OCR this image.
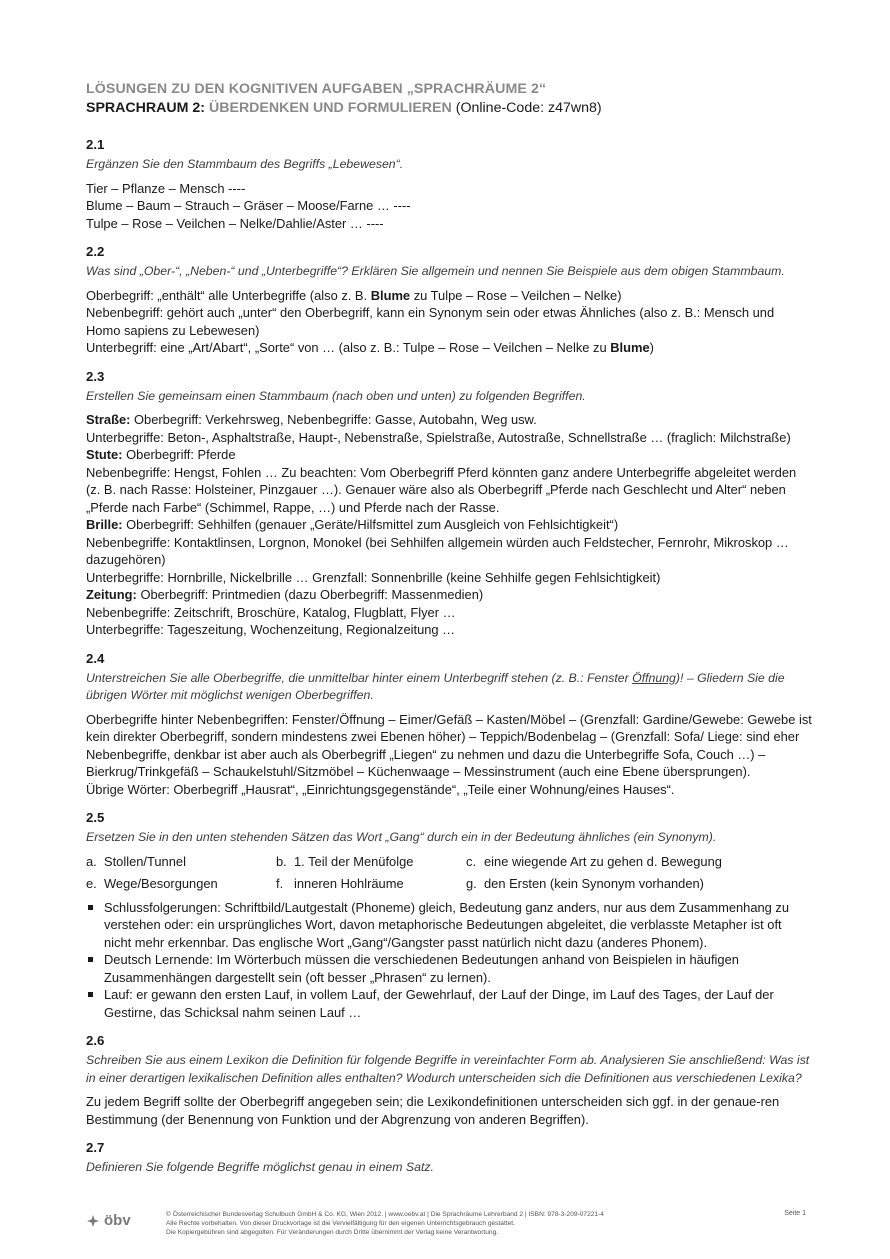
LÖSUNGEN ZU DEN KOGNITIVEN AUFGABEN „SPRACHRÄUME 2“

SPRACHRAUM 2: ÜBERDENKEN UND FORMULIEREN (Online-Code: z47wn8)

2.1

Ergänzen Sie den Stammbaum des Begriffs „Lebewesen“.

Tier – Pflanze – Mensch ----

Blume – Baum – Strauch – Gräser – Moose/Farne … ----

Tulpe – Rose – Veilchen – Nelke/Dahlie/Aster … ----

2.2

Was sind „Ober-“, „Neben-“ und „Unterbegriffe“? Erklären Sie allgemein und nennen Sie Beispiele aus dem obigen Stammbaum.

Oberbegriff: „enthält“ alle Unterbegriffe (also z. B. Blume zu Tulpe – Rose – Veilchen – Nelke)

Nebenbegriff: gehört auch „unter“ den Oberbegriff, kann ein Synonym sein oder etwas Ähnliches (also z. B.: Mensch und Homo sapiens zu Lebewesen)

Unterbegriff: eine „Art/Abart“, „Sorte“ von … (also z. B.: Tulpe – Rose – Veilchen – Nelke zu Blume)

2.3

Erstellen Sie gemeinsam einen Stammbaum (nach oben und unten) zu folgenden Begriffen.

Straße: Oberbegriff: Verkehrsweg, Nebenbegriffe: Gasse, Autobahn, Weg usw.

Unterbegriffe: Beton-, Asphaltstraße, Haupt-, Nebenstraße, Spielstraße, Autostraße, Schnellstraße … (fraglich: Milchstraße)

Stute: Oberbegriff: Pferde

Nebenbegriffe: Hengst, Fohlen … Zu beachten: Vom Oberbegriff Pferd könnten ganz andere Unterbegriffe abgeleitet werden (z. B. nach Rasse: Holsteiner, Pinzgauer …). Genauer wäre also als Oberbegriff „Pferde nach Geschlecht und Alter“ neben „Pferde nach Farbe“ (Schimmel, Rappe, …) und Pferde nach der Rasse.

Brille: Oberbegriff: Sehhilfen (genauer „Geräte/Hilfsmittel zum Ausgleich von Fehlsichtigkeit“)

Nebenbegriffe: Kontaktlinsen, Lorgnon, Monokel (bei Sehhilfen allgemein würden auch Feldstecher, Fernrohr, Mikroskop … dazugehören)

Unterbegriffe: Hornbrille, Nickelbrille … Grenzfall: Sonnenbrille (keine Sehhilfe gegen Fehlsichtigkeit)

Zeitung: Oberbegriff: Printmedien (dazu Oberbegriff: Massenmedien)

Nebenbegriffe: Zeitschrift, Broschüre, Katalog, Flugblatt, Flyer …

Unterbegriffe: Tageszeitung, Wochenzeitung, Regionalzeitung …

2.4

Unterstreichen Sie alle Oberbegriffe, die unmittelbar hinter einem Unterbegriff stehen (z. B.: Fenster Öffnung)! – Gliedern Sie die übrigen Wörter mit möglichst wenigen Oberbegriffen.

Oberbegriffe hinter Nebenbegriffen: Fenster/Öffnung – Eimer/Gefäß – Kasten/Möbel – (Grenzfall: Gardine/Gewebe: Gewebe ist kein direkter Oberbegriff, sondern mindestens zwei Ebenen höher) – Teppich/Bodenbelag – (Grenzfall: Sofa/ Liege: sind eher Nebenbegriffe, denkbar ist aber auch als Oberbegriff „Liegen“ zu nehmen und dazu die Unterbegriffe Sofa, Couch …) – Bierkrug/Trinkgefäß – Schaukelstuhl/Sitzmöbel – Küchenwaage – Messinstrument (auch eine Ebene übersprungen).

Übrige Wörter: Oberbegriff „Hausrat“, „Einrichtungsgegenstände“, „Teile einer Wohnung/eines Hauses“.

2.5

Ersetzen Sie in den unten stehenden Sätzen das Wort „Gang“ durch ein in der Bedeutung ähnliches (ein Synonym).

a. Stollen/Tunnel	b. 1. Teil der Menüfolge	c. eine wiegende Art zu gehen d. Bewegung
e. Wege/Besorgungen	f. inneren Hohlräume	g. den Ersten (kein Synonym vorhanden)
Schlussfolgerungen: Schriftbild/Lautgestalt (Phoneme) gleich, Bedeutung ganz anders, nur aus dem Zusammenhang zu verstehen oder: ein ursprüngliches Wort, davon metaphorische Bedeutungen abgeleitet, die verblasste Metapher ist oft nicht mehr erkennbar. Das englische Wort „Gang“/Gangster passt natürlich nicht dazu (anderes Phonem).
Deutsch Lernende: Im Wörterbuch müssen die verschiedenen Bedeutungen anhand von Beispielen in häufigen Zusammenhängen dargestellt sein (oft besser „Phrasen“ zu lernen).
Lauf: er gewann den ersten Lauf, in vollem Lauf, der Gewehrlauf, der Lauf der Dinge, im Lauf des Tages, der Lauf der Gestirne, das Schicksal nahm seinen Lauf …

2.6

Schreiben Sie aus einem Lexikon die Definition für folgende Begriffe in vereinfachter Form ab. Analysieren Sie anschließend: Was ist in einer derartigen lexikalischen Definition alles enthalten? Wodurch unterscheiden sich die Definitionen aus verschiedenen Lexika?

Zu jedem Begriff sollte der Oberbegriff angegeben sein; die Lexikondefinitionen unterscheiden sich ggf. in der genaue-ren Bestimmung (der Benennung von Funktion und der Abgrenzung von anderen Begriffen).

2.7

Definieren Sie folgende Begriffe möglichst genau in einem Satz.

öbv	© Österreichischer Bundesverlag Schulbuch GmbH & Co. KG, Wien 2012. | www.oebv.at | Die Sprachräume Lehrerband 2 | ISBN: 978-3-209-07221-4
Alle Rechte vorbehalten. Von dieser Druckvorlage ist die Vervielfältigung für den eigenen Unterrichtsgebrauch gestattet.
Die Kopiergebühren sind abgegolten. Für Veränderungen durch Dritte übernimmt der Verlag keine Verantwortung.
Seite 1
